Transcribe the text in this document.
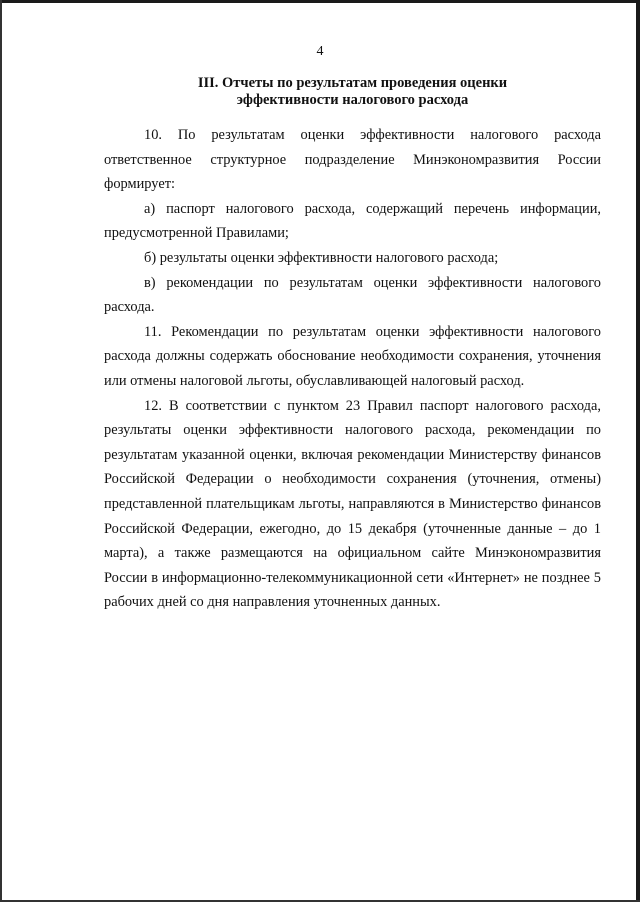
4
III. Отчеты по результатам проведения оценки
эффективности налогового расхода

10. По результатам оценки эффективности налогового расхода ответственное структурное подразделение Минэкономразвития России формирует:

а) паспорт налогового расхода, содержащий перечень информации, предусмотренной Правилами;

б) результаты оценки эффективности налогового расхода;

в) рекомендации по результатам оценки эффективности налогового расхода.

11. Рекомендации по результатам оценки эффективности налогового расхода должны содержать обоснование необходимости сохранения, уточнения или отмены налоговой льготы, обуславливающей налоговый расход.

12. В соответствии с пунктом 23 Правил паспорт налогового расхода, результаты оценки эффективности налогового расхода, рекомендации по результатам указанной оценки, включая рекомендации Министерству финансов Российской Федерации о необходимости сохранения (уточнения, отмены) представленной плательщикам льготы, направляются в Министерство финансов Российской Федерации, ежегодно, до 15 декабря (уточненные данные – до 1 марта), а также размещаются на официальном сайте Минэкономразвития России в информационно-телекоммуникационной сети «Интернет» не позднее 5 рабочих дней со дня направления уточненных данных.
